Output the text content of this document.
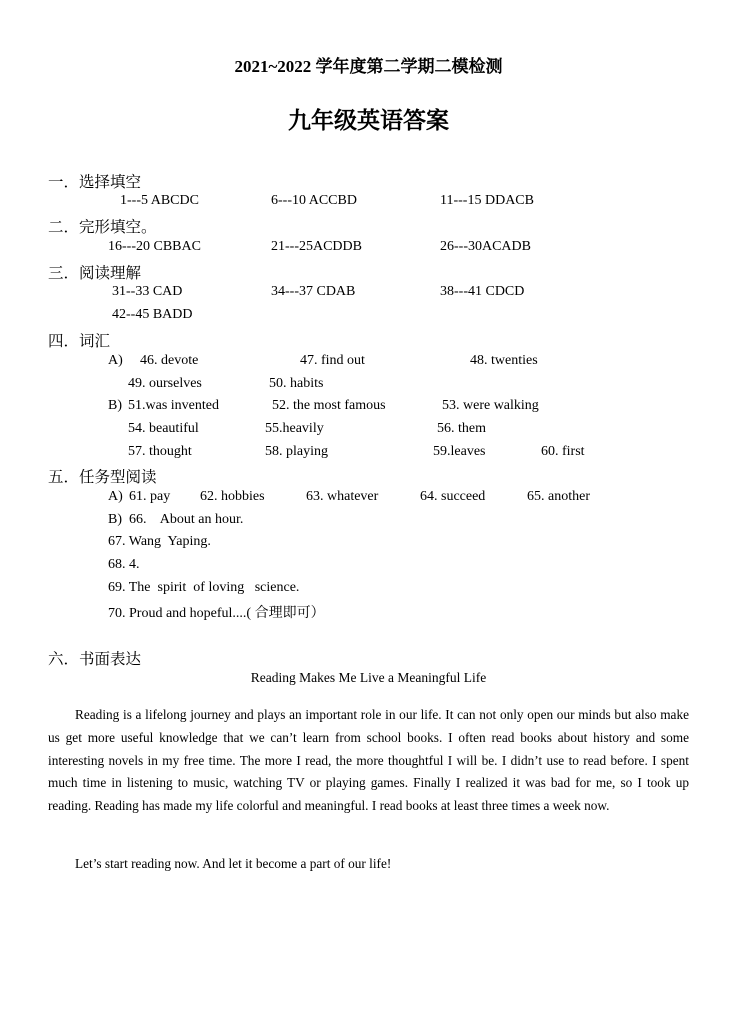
2021~2022 学年度第二学期二模检测
九年级英语答案
一．选择填空
1---5 ABCDC	6---10 ACCBD	11---15 DDACB
二．完形填空。
16---20 CBBAC	21---25ACDDB	26---30ACADB
三．阅读理解
31--33 CAD	34---37 CDAB	38---41 CDCD
42--45 BADD
四．词汇
A) 46. devote	47. find out	48. twenties
49. ourselves	50. habits
B) 51.was invented	52. the most famous	53. were walking
54. beautiful	55.heavily	56. them
57. thought	58. playing	59.leaves	60. first
五．任务型阅读
A) 61. pay 62. hobbies	63. whatever	64. succeed	65. another
B) 66.    About an hour.
67. Wang  Yaping.
68. 4.
69. The  spirit  of loving   science.
70. Proud and hopeful....( 合理即可）
六．书面表达
Reading Makes Me Live a Meaningful Life
Reading is a lifelong journey and plays an important role in our life. It can not only open our minds but also make us get more useful knowledge that we can’t learn from school books. I often read books about history and some interesting novels in my free time. The more I read, the more thoughtful I will be. I didn’t use to read before. I spent much time in listening to music, watching TV or playing games. Finally I realized it was bad for me, so I took up reading. Reading has made my life colorful and meaningful. I read books at least three times a week now.
Let’s start reading now. And let it become a part of our life!
